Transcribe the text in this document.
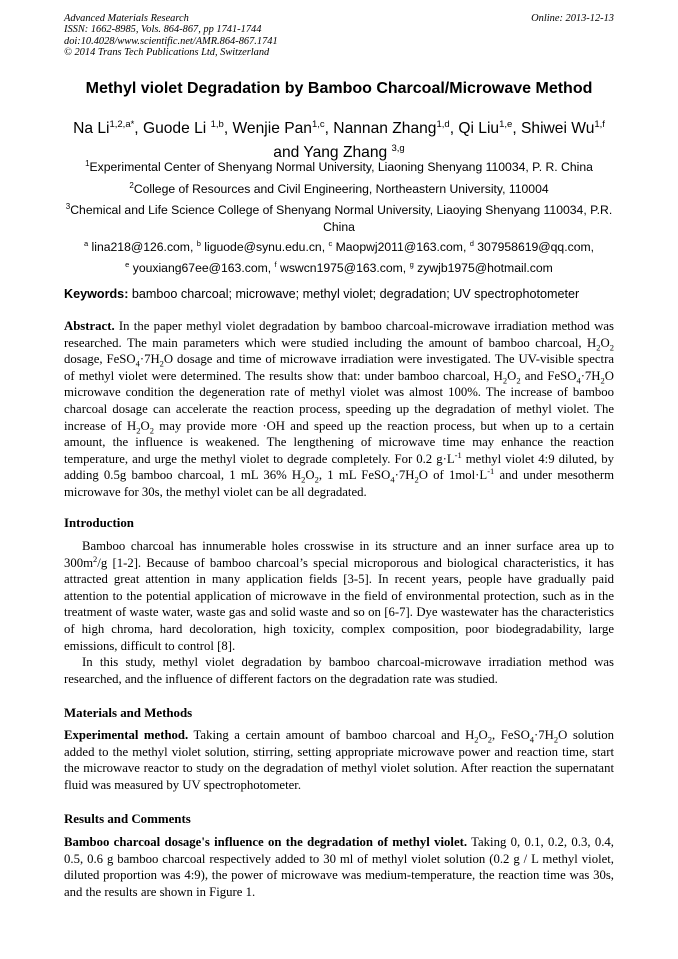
Advanced Materials Research
ISSN: 1662-8985, Vols. 864-867, pp 1741-1744
doi:10.4028/www.scientific.net/AMR.864-867.1741
© 2014 Trans Tech Publications Ltd, Switzerland
Online: 2013-12-13
Methyl violet Degradation by Bamboo Charcoal/Microwave Method
Na $Li^{1,2,a*}$, Guode Li $^{1,b}$, Wenjie Pan$^{1,c}$, Nannan Zhang$^{1,d}$, Qi Liu$^{1,e}$, Shiwei Wu$^{1,f}$
and Yang Zhang $^{3,g}$
$^1$Experimental Center of Shenyang Normal University, Liaoning Shenyang 110034, P. R. China
$^2$College of Resources and Civil Engineering, Northeastern University, 110004
$^3$Chemical and Life Science College of Shenyang Normal University, Liaoying Shenyang 110034, P.R. China
$^a$ lina218@126.com, $^b$ liguode@synu.edu.cn, $^c$ Maopwj2011@163.com, $^d$ 307958619@qq.com,
$^e$ youxiang67ee@163.com, $^f$ wswcn1975@163.com, $^g$ zywjb1975@hotmail.com
Keywords: bamboo charcoal; microwave; methyl violet; degradation; UV spectrophotometer

Abstract. In the paper methyl violet degradation by bamboo charcoal-microwave irradiation method was researched. The main parameters which were studied including the amount of bamboo charcoal, $H_2O_2$ dosage, $FeSO_4\cdot 7H_2O$ dosage and time of microwave irradiation were investigated. The UV-visible spectra of methyl violet were determined. The results show that: under bamboo charcoal, $H_2O_2$ and $FeSO_4\cdot 7H_2O$ microwave condition the degeneration rate of methyl violet was almost 100%. The increase of bamboo charcoal dosage can accelerate the reaction process, speeding up the degradation of methyl violet. The increase of $H_2O_2$ may provide more ·OH and speed up the reaction process, but when up to a certain amount, the influence is weakened. The lengthening of microwave time may enhance the reaction temperature, and urge the methyl violet to degrade completely. For 0.2 $g\cdot L^{-1}$ methyl violet 4:9 diluted, by adding 0.5g bamboo charcoal, 1 mL 36% $H_2O_2$, 1 mL $FeSO_4\cdot 7H_2O$ of $1mol\cdot L^{-1}$ and under mesotherm microwave for 30s, the methyl violet can be all degradated.

Introduction

Bamboo charcoal has innumerable holes crosswise in its structure and an inner surface area up to $300m^2/g$ [1-2]. Because of bamboo charcoal’s special microporous and biological characteristics, it has attracted great attention in many application fields [3-5]. In recent years, people have gradually paid attention to the potential application of microwave in the field of environmental protection, such as in the treatment of waste water, waste gas and solid waste and so on [6-7]. Dye wastewater has the characteristics of high chroma, hard decoloration, high toxicity, complex composition, poor biodegradability, large emissions, difficult to control [8].

In this study, methyl violet degradation by bamboo charcoal-microwave irradiation method was researched, and the influence of different factors on the degradation rate was studied.

Materials and Methods

Experimental method. Taking a certain amount of bamboo charcoal and $H_2O_2$, $FeSO_4\cdot 7H_2O$ solution added to the methyl violet solution, stirring, setting appropriate microwave power and reaction time, start the microwave reactor to study on the degradation of methyl violet solution. After reaction the supernatant fluid was measured by UV spectrophotometer.

Results and Comments

Bamboo charcoal dosage's influence on the degradation of methyl violet. Taking 0, 0.1, 0.2, 0.3, 0.4, 0.5, 0.6 g bamboo charcoal respectively added to 30 ml of methyl violet solution (0.2 g / L methyl violet, diluted proportion was 4:9), the power of microwave was medium-temperature, the reaction time was 30s, and the results are shown in Figure 1.
